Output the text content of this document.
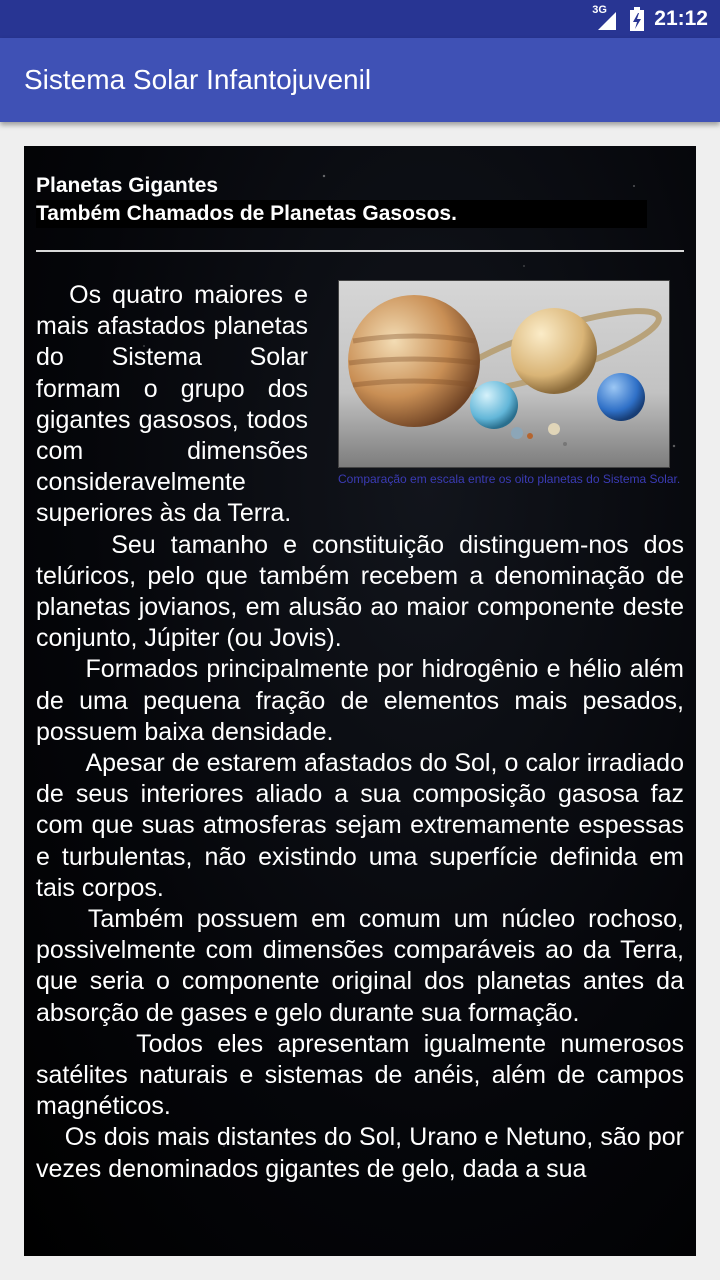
3G 21:12
Sistema Solar Infantojuvenil
Planetas Gigantes
Também Chamados de Planetas Gasosos.
Comparação em escala entre os oito planetas do Sistema Solar.

Os quatro maiores e mais afastados planetas do Sistema Solar formam o grupo dos gigantes gasosos, todos com dimensões consideravelmente superiores às da Terra.

Seu tamanho e constituição distinguem-nos dos telúricos, pelo que também recebem a denominação de planetas jovianos, em alusão ao maior componente deste conjunto, Júpiter (ou Jovis).

Formados principalmente por hidrogênio e hélio além de uma pequena fração de elementos mais pesados, possuem baixa densidade.

Apesar de estarem afastados do Sol, o calor irradiado de seus interiores aliado a sua composição gasosa faz com que suas atmosferas sejam extremamente espessas e turbulentas, não existindo uma superfície definida em tais corpos.

Também possuem em comum um núcleo rochoso, possivelmente com dimensões comparáveis ao da Terra, que seria o componente original dos planetas antes da absorção de gases e gelo durante sua formação.

Todos eles apresentam igualmente numerosos satélites naturais e sistemas de anéis, além de campos magnéticos.

Os dois mais distantes do Sol, Urano e Netuno, são por vezes denominados gigantes de gelo, dada a sua
